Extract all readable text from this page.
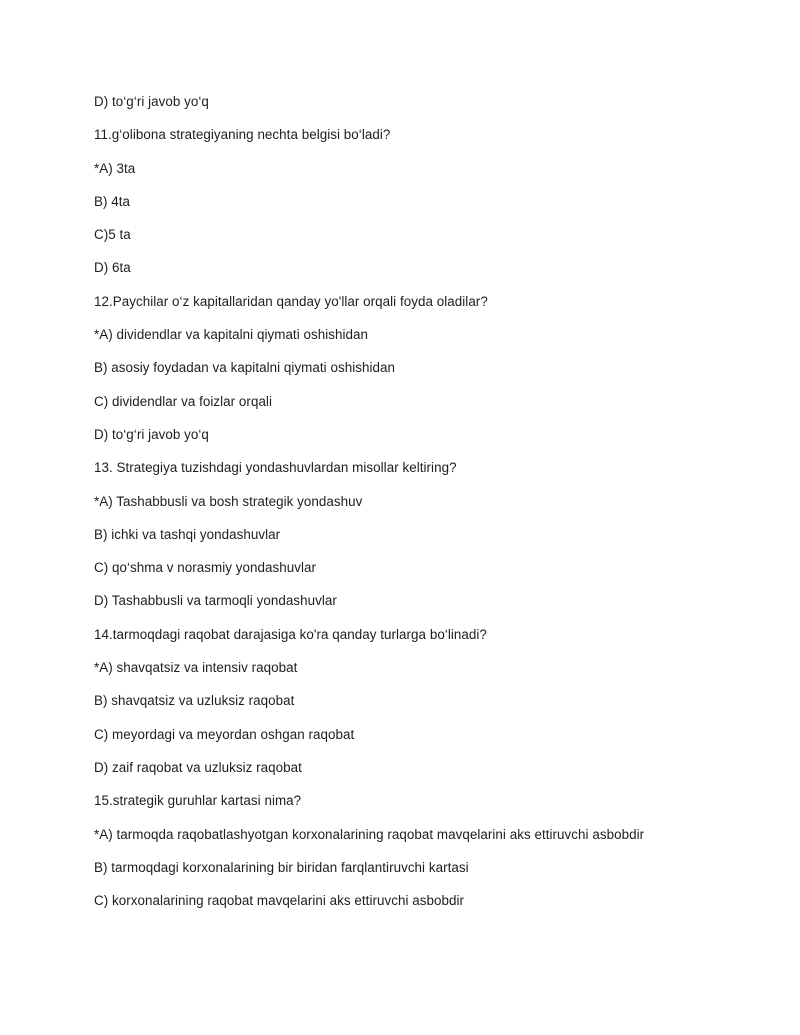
D) to‘g‘ri javob yo‘q
11.g‘olibona strategiyaning nechta belgisi bo‘ladi?
*A) 3ta
B) 4ta
C)5 ta
D) 6ta
12.Paychilar o‘z kapitallaridan qanday yo'llar orqali foyda oladilar?
*A) dividendlar va kapitalni qiymati oshishidan
B) asosiy foydadan va kapitalni qiymati oshishidan
C) dividendlar va foizlar orqali
D) to‘g‘ri javob yo‘q
13. Strategiya tuzishdagi yondashuvlardan misollar keltiring?
*A) Tashabbusli va bosh strategik yondashuv
B) ichki va tashqi yondashuvlar
C) qo‘shma v norasmiy yondashuvlar
D) Tashabbusli va tarmoqli yondashuvlar
14.tarmoqdagi raqobat darajasiga ko'ra qanday turlarga bo‘linadi?
*A) shavqatsiz va intensiv raqobat
B) shavqatsiz va uzluksiz raqobat
C) meyordagi va meyordan oshgan raqobat
D) zaif raqobat va uzluksiz raqobat
15.strategik guruhlar kartasi nima?
*A) tarmoqda raqobatlashyotgan korxonalarining raqobat mavqelarini aks ettiruvchi asbobdir
B) tarmoqdagi korxonalarining bir biridan farqlantiruvchi kartasi
C) korxonalarining raqobat mavqelarini aks ettiruvchi asbobdir
